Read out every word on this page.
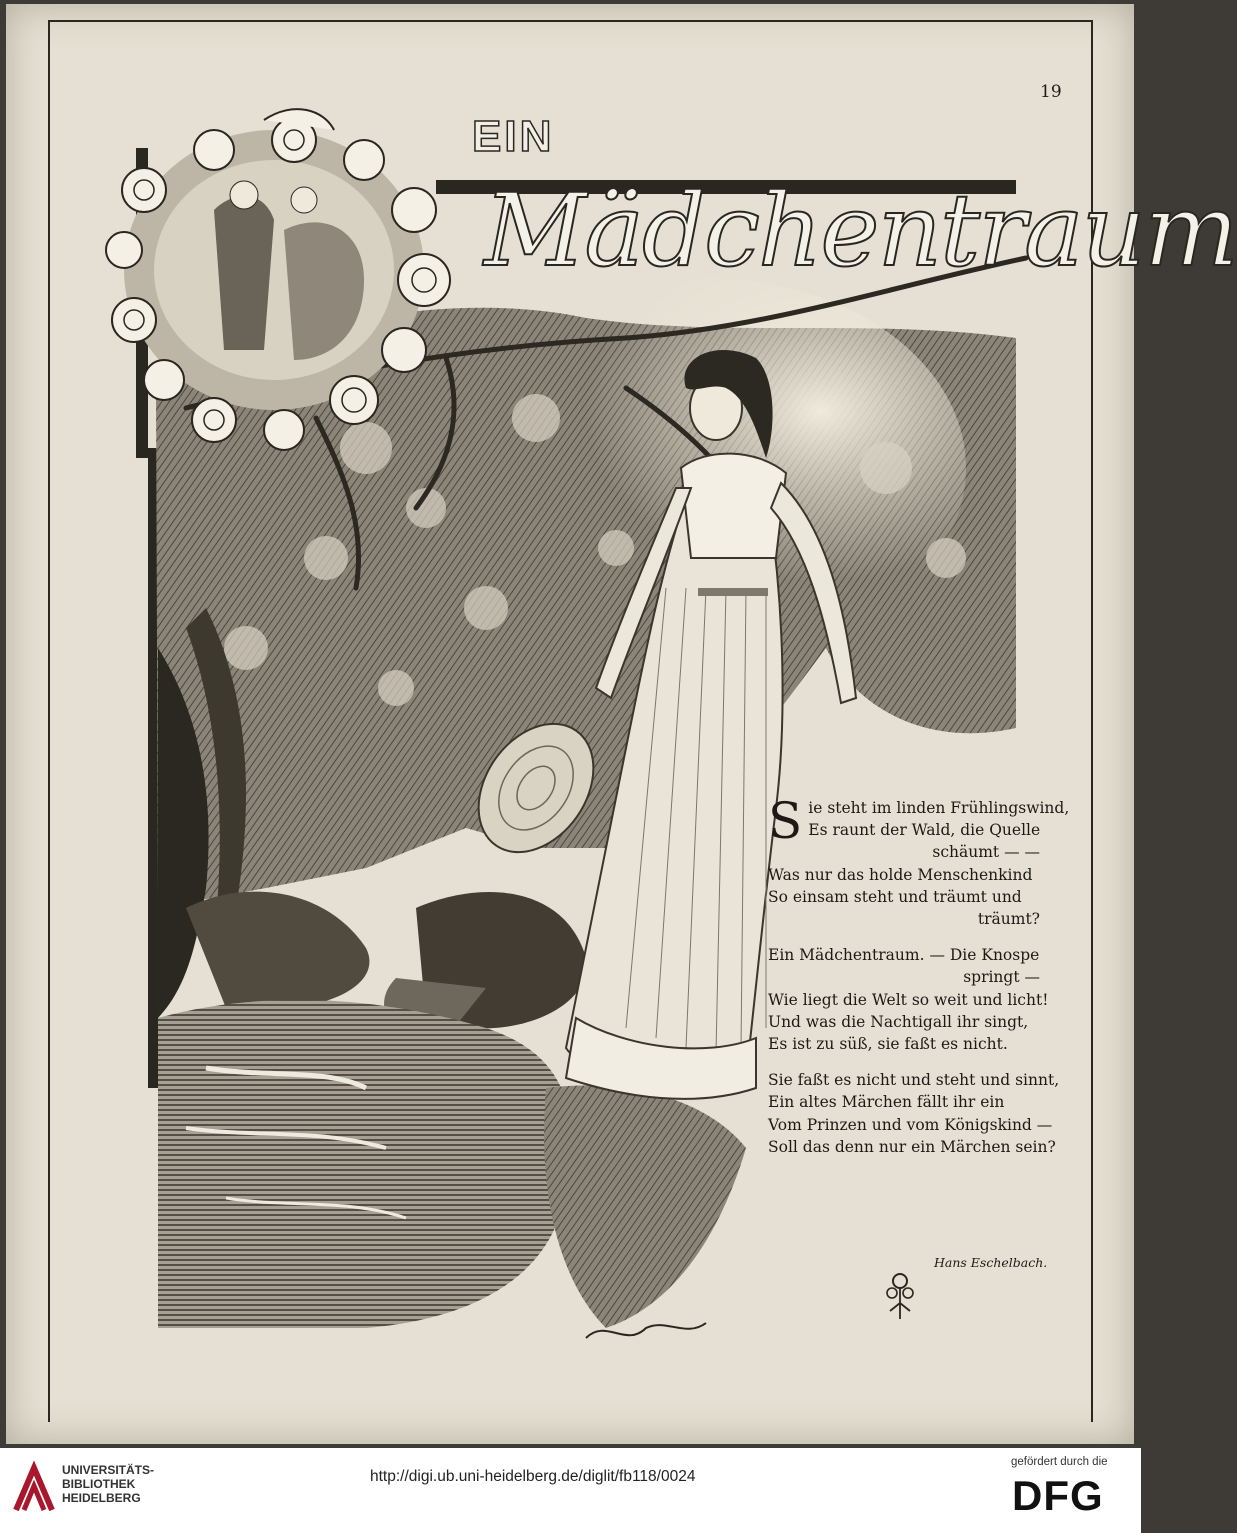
19
EIN
Mädchentraum
S ie steht im linden Frühlingswind,
Es raunt der Wald, die Quelle
schäumt — —
Was nur das holde Menschenkind
So einsam steht und träumt und
träumt?
Ein Mädchentraum. — Die Knospe
springt —
Wie liegt die Welt so weit und licht!
Und was die Nachtigall ihr singt,
Es ist zu süß, sie faßt es nicht.
Sie faßt es nicht und steht und sinnt,
Ein altes Märchen fällt ihr ein
Vom Prinzen und vom Königskind —
Soll das denn nur ein Märchen sein?
Hans Eschelbach.
UNIVERSITÄTS-
BIBLIOTHEK
HEIDELBERG
http://digi.ub.uni-heidelberg.de/diglit/fb118/0024
gefördert durch die
DFG
